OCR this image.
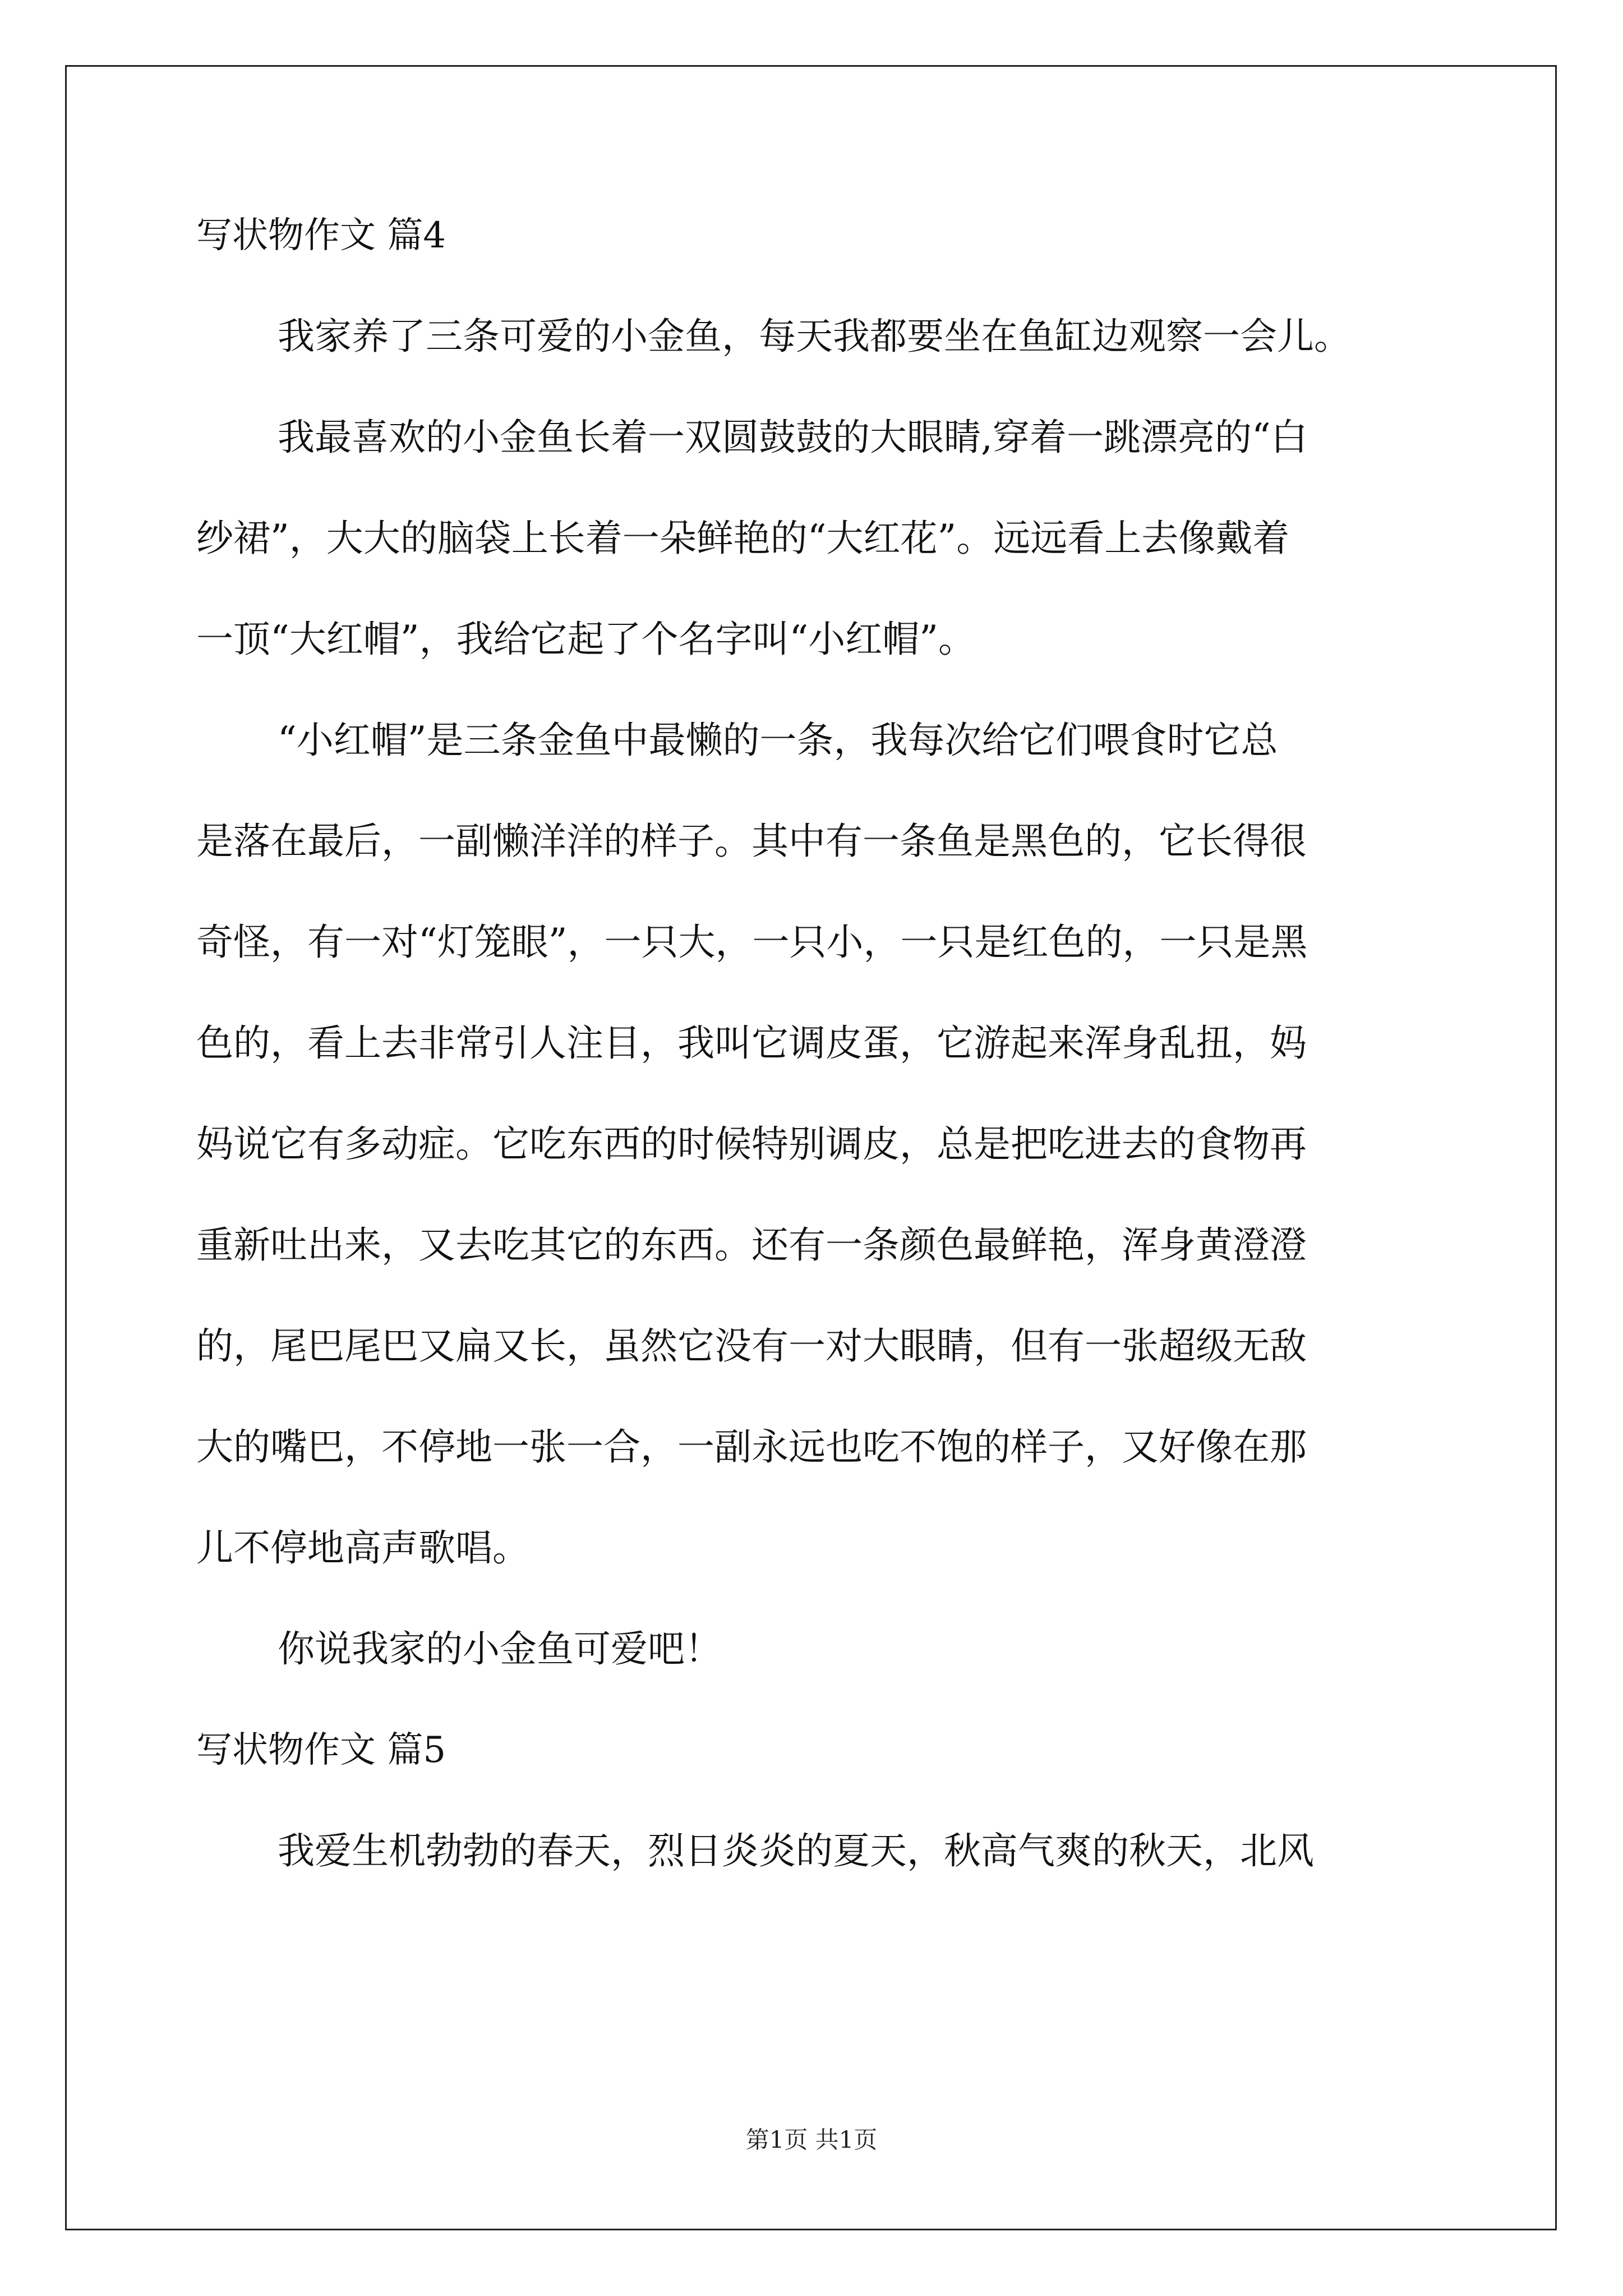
写状物作文 篇4
我家养了三条可爱的小金鱼，每天我都要坐在鱼缸边观察一会儿。
我最喜欢的小金鱼长着一双圆鼓鼓的大眼睛,穿着一跳漂亮的“白
纱裙”，大大的脑袋上长着一朵鲜艳的“大红花”。远远看上去像戴着
一顶“大红帽”，我给它起了个名字叫“小红帽”。
“小红帽”是三条金鱼中最懒的一条，我每次给它们喂食时它总
是落在最后，一副懒洋洋的样子。其中有一条鱼是黑色的，它长得很
奇怪，有一对“灯笼眼”，一只大，一只小，一只是红色的，一只是黑
色的，看上去非常引人注目，我叫它调皮蛋，它游起来浑身乱扭，妈
妈说它有多动症。它吃东西的时候特别调皮，总是把吃进去的食物再
重新吐出来，又去吃其它的东西。还有一条颜色最鲜艳，浑身黄澄澄
的，尾巴尾巴又扁又长，虽然它没有一对大眼睛，但有一张超级无敌
大的嘴巴，不停地一张一合，一副永远也吃不饱的样子，又好像在那
儿不停地高声歌唱。
你说我家的小金鱼可爱吧！
写状物作文 篇5
我爱生机勃勃的春天，烈日炎炎的夏天，秋高气爽的秋天，北风
第1页 共1页
